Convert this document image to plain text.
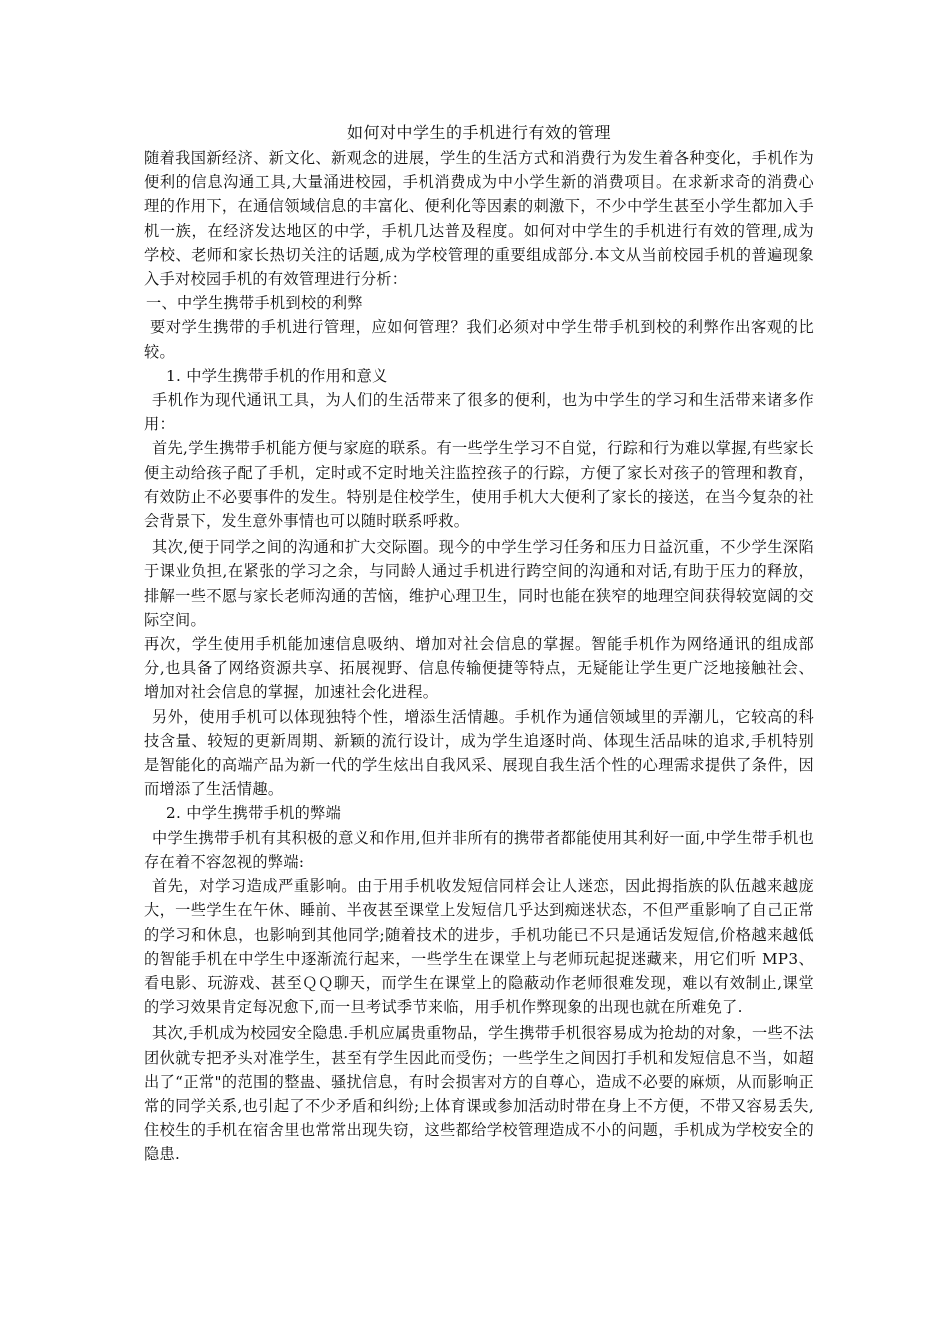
如何对中学生的手机进行有效的管理

随着我国新经济、新文化、新观念的进展，学生的生活方式和消费行为发生着各种变化，手机作为便利的信息沟通工具,大量涌进校园，手机消费成为中小学生新的消费项目。在求新求奇的消费心理的作用下，在通信领域信息的丰富化、便利化等因素的刺激下，不少中学生甚至小学生都加入手机一族，在经济发达地区的中学，手机几达普及程度。如何对中学生的手机进行有效的管理,成为学校、老师和家长热切关注的话题,成为学校管理的重要组成部分.本文从当前校园手机的普遍现象入手对校园手机的有效管理进行分析：

一、中学生携带手机到校的利弊

要对学生携带的手机进行管理，应如何管理？我们必须对中学生带手机到校的利弊作出客观的比较。

1. 中学生携带手机的作用和意义

手机作为现代通讯工具，为人们的生活带来了很多的便利，也为中学生的学习和生活带来诸多作用：

首先,学生携带手机能方便与家庭的联系。有一些学生学习不自觉，行踪和行为难以掌握,有些家长便主动给孩子配了手机，定时或不定时地关注监控孩子的行踪，方便了家长对孩子的管理和教育，有效防止不必要事件的发生。特别是住校学生，使用手机大大便利了家长的接送，在当今复杂的社会背景下，发生意外事情也可以随时联系呼救。

其次,便于同学之间的沟通和扩大交际圈。现今的中学生学习任务和压力日益沉重，不少学生深陷于课业负担,在紧张的学习之余，与同龄人通过手机进行跨空间的沟通和对话,有助于压力的释放，排解一些不愿与家长老师沟通的苦恼，维护心理卫生，同时也能在狭窄的地理空间获得较宽阔的交际空间。

再次，学生使用手机能加速信息吸纳、增加对社会信息的掌握。智能手机作为网络通讯的组成部分,也具备了网络资源共享、拓展视野、信息传输便捷等特点，无疑能让学生更广泛地接触社会、增加对社会信息的掌握，加速社会化进程。

另外，使用手机可以体现独特个性，增添生活情趣。手机作为通信领域里的弄潮儿，它较高的科技含量、较短的更新周期、新颖的流行设计，成为学生追逐时尚、体现生活品味的追求,手机特别是智能化的高端产品为新一代的学生炫出自我风采、展现自我生活个性的心理需求提供了条件，因而增添了生活情趣。

2. 中学生携带手机的弊端

中学生携带手机有其积极的意义和作用,但并非所有的携带者都能使用其利好一面,中学生带手机也存在着不容忽视的弊端:

首先，对学习造成严重影响。由于用手机收发短信同样会让人迷恋，因此拇指族的队伍越来越庞大，一些学生在午休、睡前、半夜甚至课堂上发短信几乎达到痴迷状态，不但严重影响了自己正常的学习和休息，也影响到其他同学;随着技术的进步，手机功能已不只是通话发短信,价格越来越低的智能手机在中学生中逐渐流行起来，一些学生在课堂上与老师玩起捉迷藏来，用它们听 MP3、看电影、玩游戏、甚至ＱＱ聊天，而学生在课堂上的隐蔽动作老师很难发现，难以有效制止,课堂的学习效果肯定每况愈下,而一旦考试季节来临，用手机作弊现象的出现也就在所难免了.

其次,手机成为校园安全隐患.手机应属贵重物品，学生携带手机很容易成为抢劫的对象，一些不法团伙就专把矛头对准学生，甚至有学生因此而受伤；一些学生之间因打手机和发短信息不当，如超出了“正常"的范围的整蛊、骚扰信息，有时会损害对方的自尊心，造成不必要的麻烦，从而影响正常的同学关系,也引起了不少矛盾和纠纷;上体育课或参加活动时带在身上不方便，不带又容易丢失,住校生的手机在宿舍里也常常出现失窃，这些都给学校管理造成不小的问题，手机成为学校安全的隐患.
